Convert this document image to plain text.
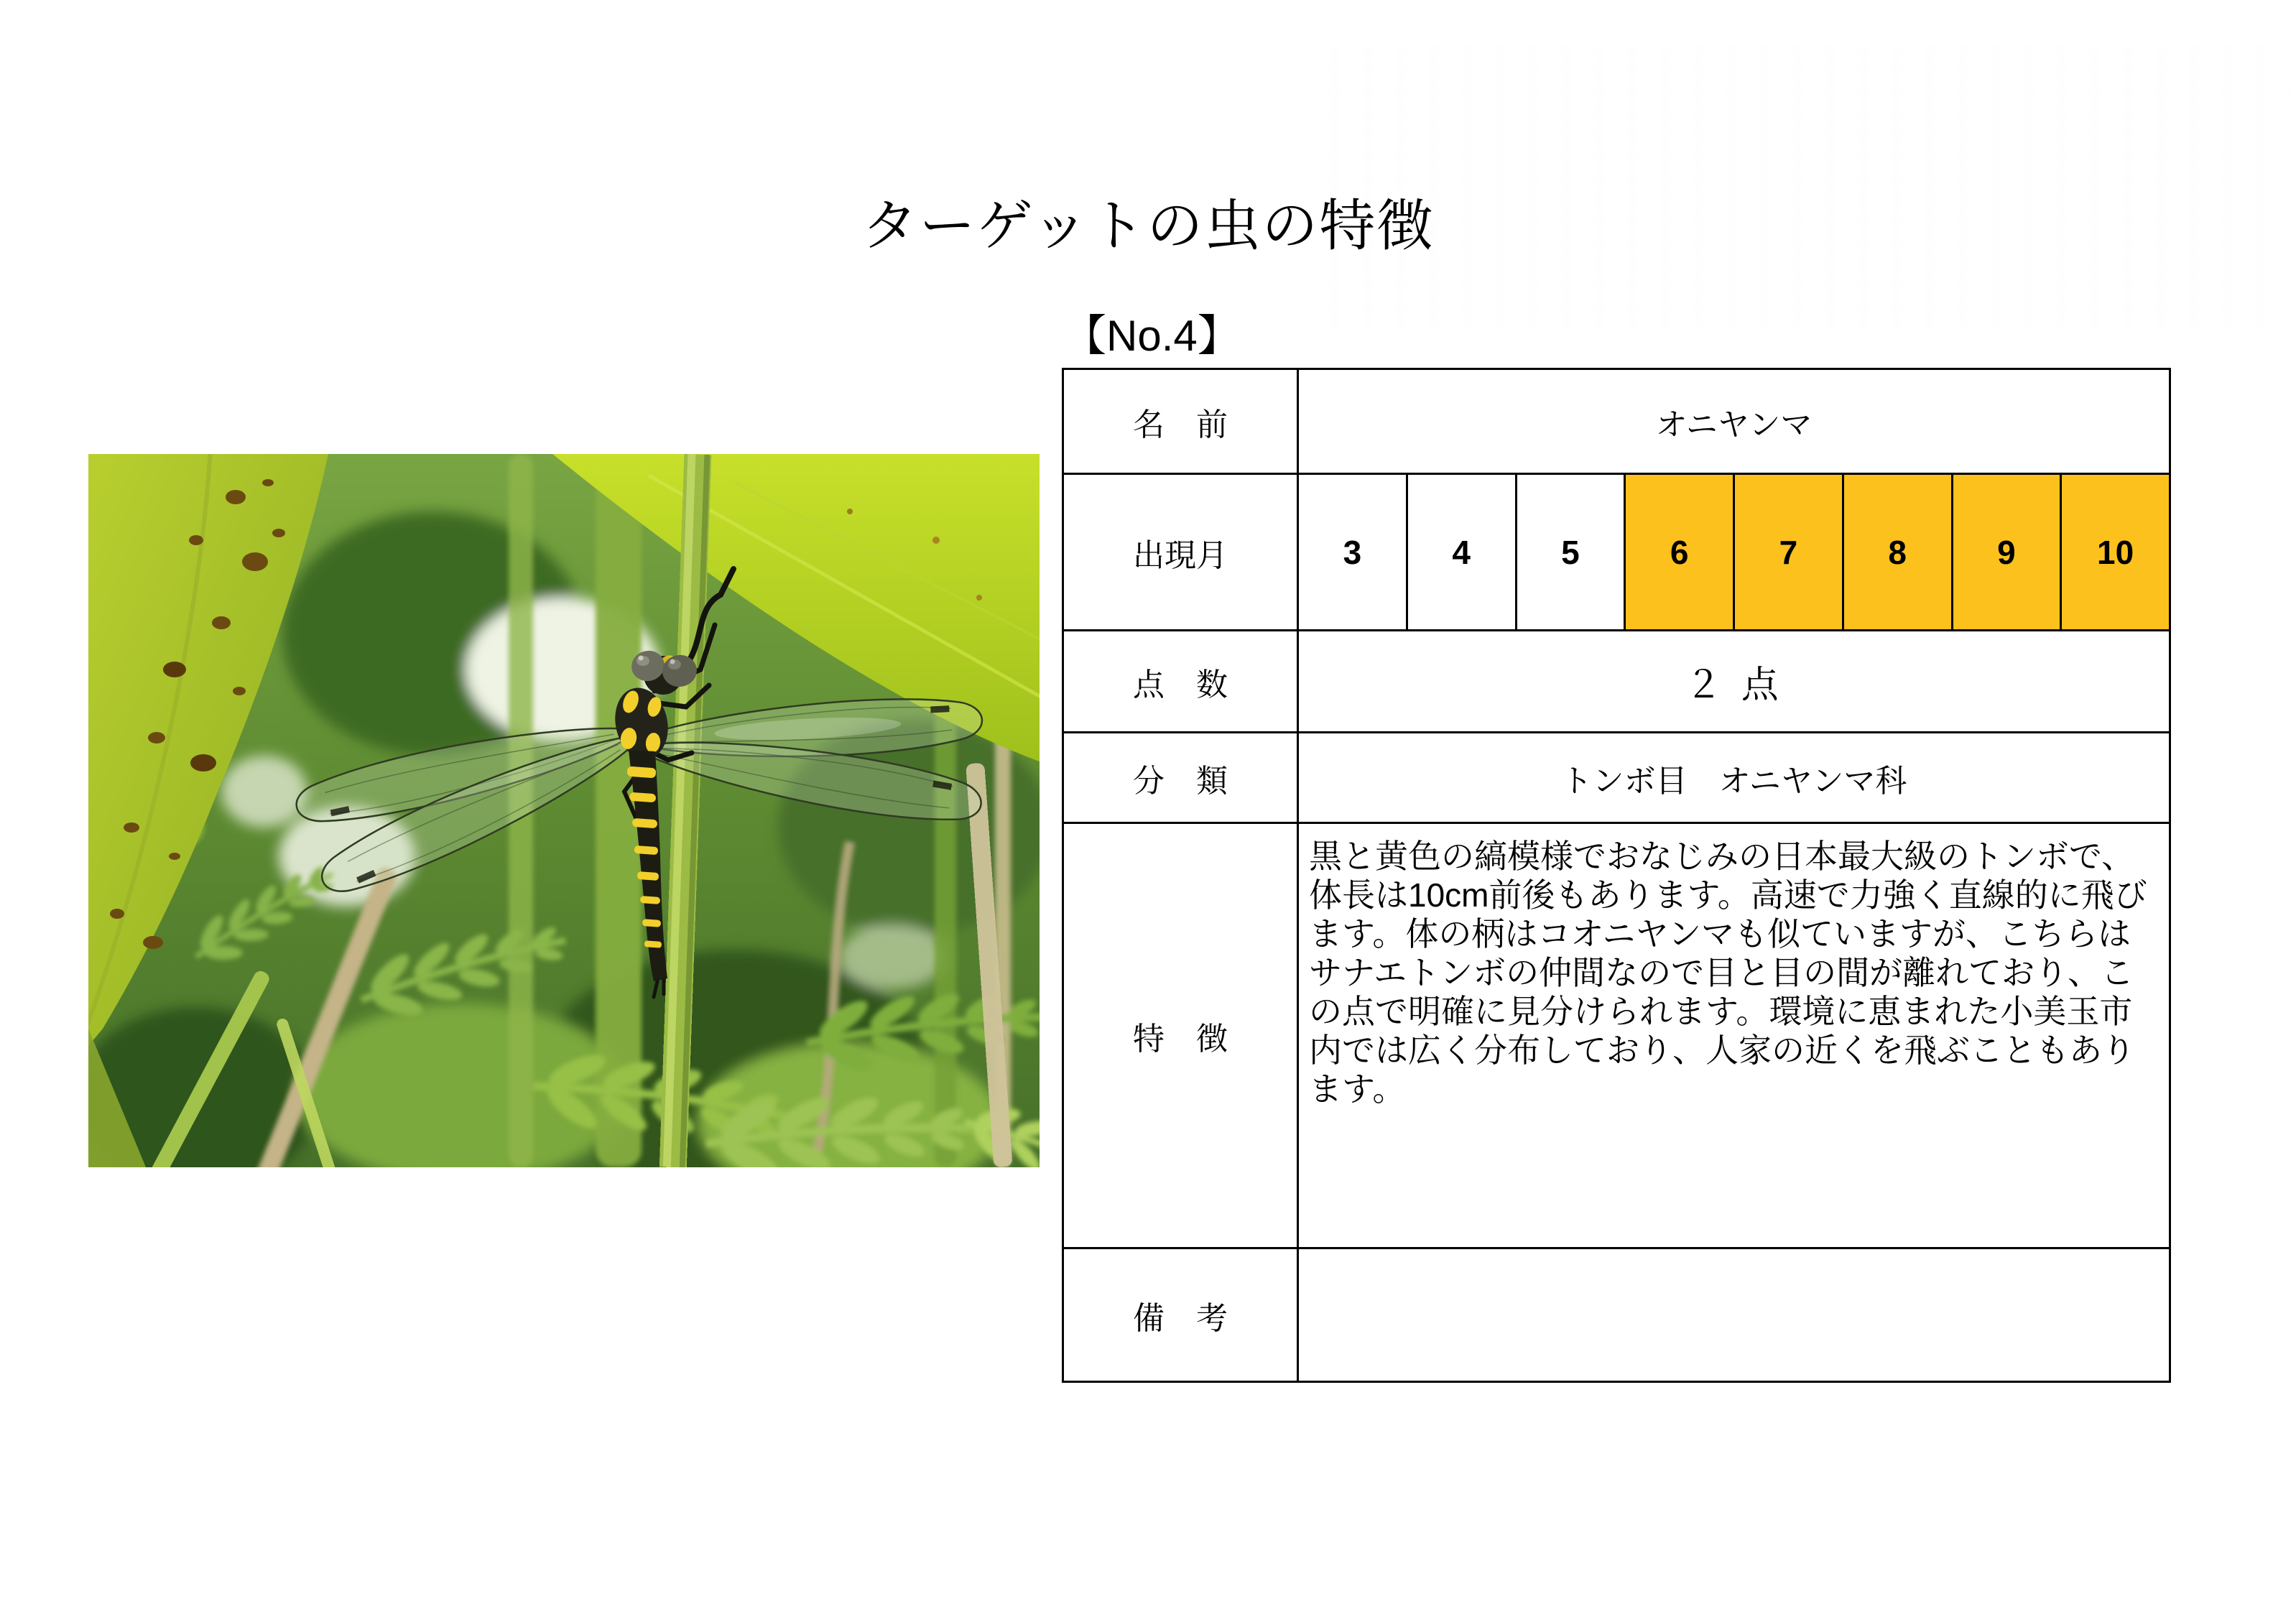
ターゲットの虫の特徴
【No.4】
名　前	オニヤンマ
出現月	3	4	5	6	7	8	9	10
点　数	２ 点
分　類	トンボ目　オニヤンマ科
特　徴
黒と黄色の縞模様でおなじみの日本最大級のトンボで、体長は10cm前後もあります。高速で力強く直線的に飛びます。体の柄はコオニヤンマも似ていますが、こちらはサナエトンボの仲間なので目と目の間が離れており、この点で明確に見分けられます。環境に恵まれた小美玉市内では広く分布しており、人家の近くを飛ぶこともあります。
備　考
